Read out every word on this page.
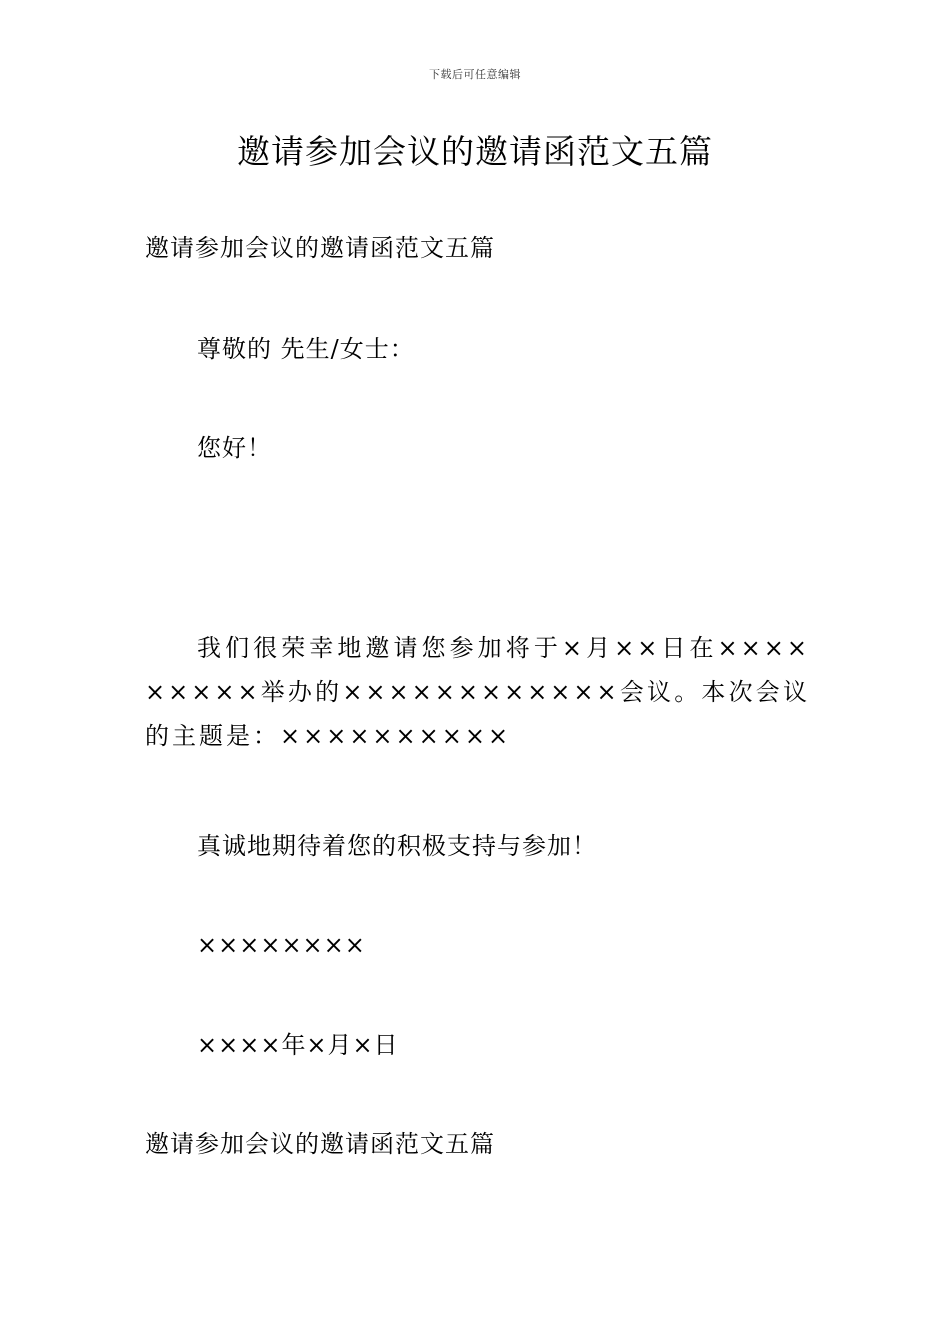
下载后可任意编辑
邀请参加会议的邀请函范文五篇
邀请参加会议的邀请函范文五篇
尊敬的 先生/女士：
您好！
我们很荣幸地邀请您参加将于×月××日在×××××××××举办的××××××××××××会议。本次会议的主题是：××××××××××
真诚地期待着您的积极支持与参加！
××××××××
××××年×月×日
邀请参加会议的邀请函范文五篇
